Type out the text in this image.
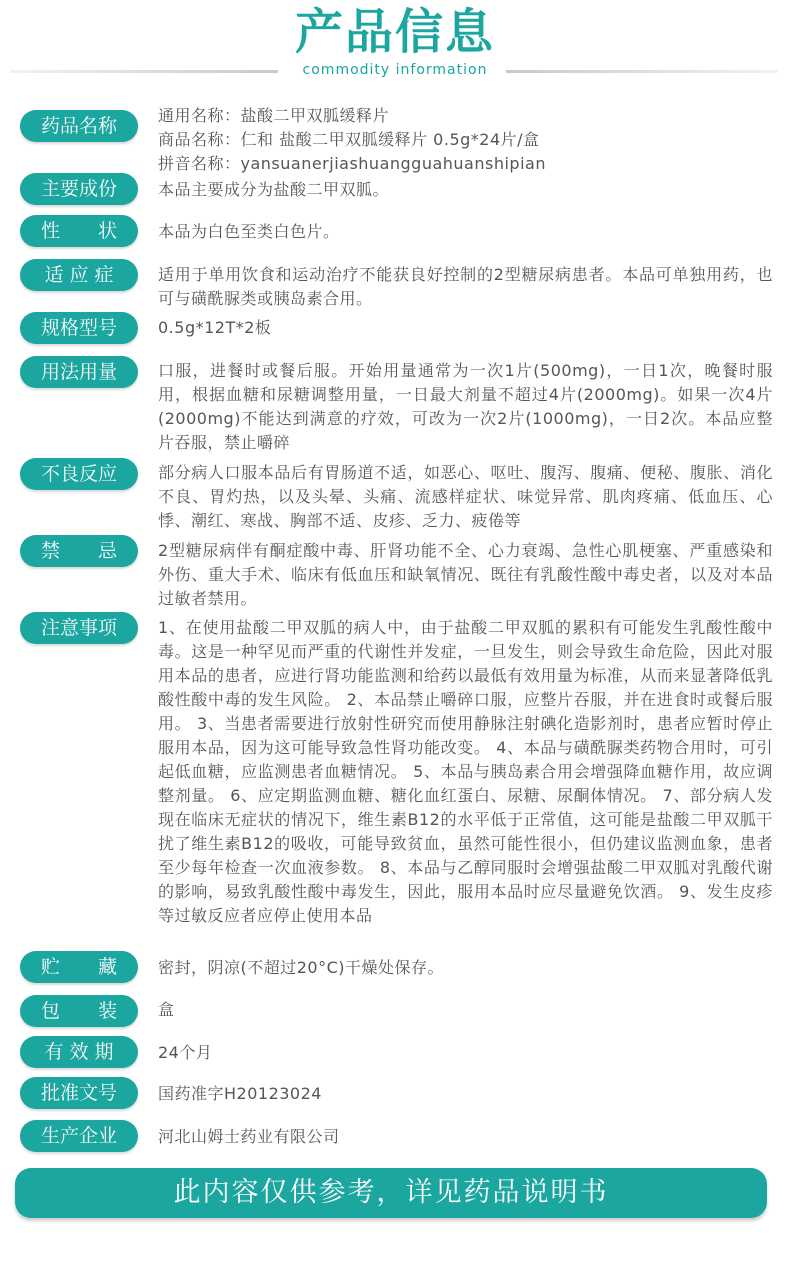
产品信息
commodity information
药品名称	通用名称：盐酸二甲双胍缓释片
商品名称：仁和 盐酸二甲双胍缓释片 0.5g*24片/盒
拼音名称：yansuanerjiashuangguahuanshipian
主要成份	本品主要成分为盐酸二甲双胍。
性　　状	本品为白色至类白色片。
适 应 症	适用于单用饮食和运动治疗不能获良好控制的2型糖尿病患者。本品可单独用药，也可与磺酰脲类或胰岛素合用。
规格型号	0.5g*12T*2板
用法用量	口服，进餐时或餐后服。开始用量通常为一次1片(500mg)，一日1次，晚餐时服用，根据血糖和尿糖调整用量，一日最大剂量不超过4片(2000mg)。如果一次4片(2000mg)不能达到满意的疗效，可改为一次2片(1000mg)，一日2次。本品应整片吞服，禁止嚼碎
不良反应	部分病人口服本品后有胃肠道不适，如恶心、呕吐、腹泻、腹痛、便秘、腹胀、消化不良、胃灼热，以及头晕、头痛、流感样症状、味觉异常、肌肉疼痛、低血压、心悸、潮红、寒战、胸部不适、皮疹、乏力、疲倦等
禁　　忌	2型糖尿病伴有酮症酸中毒、肝肾功能不全、心力衰竭、急性心肌梗塞、严重感染和外伤、重大手术、临床有低血压和缺氧情况、既往有乳酸性酸中毒史者，以及对本品过敏者禁用。
注意事项	1、在使用盐酸二甲双胍的病人中，由于盐酸二甲双胍的累积有可能发生乳酸性酸中毒。这是一种罕见而严重的代谢性并发症，一旦发生，则会导致生命危险，因此对服用本品的患者，应进行肾功能监测和给药以最低有效用量为标准，从而来显著降低乳酸性酸中毒的发生风险。 2、本品禁止嚼碎口服，应整片吞服，并在进食时或餐后服用。 3、当患者需要进行放射性研究而使用静脉注射碘化造影剂时，患者应暂时停止服用本品，因为这可能导致急性肾功能改变。 4、本品与磺酰脲类药物合用时，可引起低血糖，应监测患者血糖情况。 5、本品与胰岛素合用会增强降血糖作用，故应调整剂量。 6、应定期监测血糖、糖化血红蛋白、尿糖、尿酮体情况。 7、部分病人发现在临床无症状的情况下，维生素B12的水平低于正常值，这可能是盐酸二甲双胍干扰了维生素B12的吸收，可能导致贫血，虽然可能性很小，但仍建议监测血象，患者至少每年检查一次血液参数。 8、本品与乙醇同服时会增强盐酸二甲双胍对乳酸代谢的影响，易致乳酸性酸中毒发生，因此，服用本品时应尽量避免饮酒。 9、发生皮疹等过敏反应者应停止使用本品
贮　　藏	密封，阴凉(不超过20°C)干燥处保存。
包　　装	盒
有 效 期	24个月
批准文号	国药准字H20123024
生产企业	河北山姆士药业有限公司
此内容仅供参考，详见药品说明书
